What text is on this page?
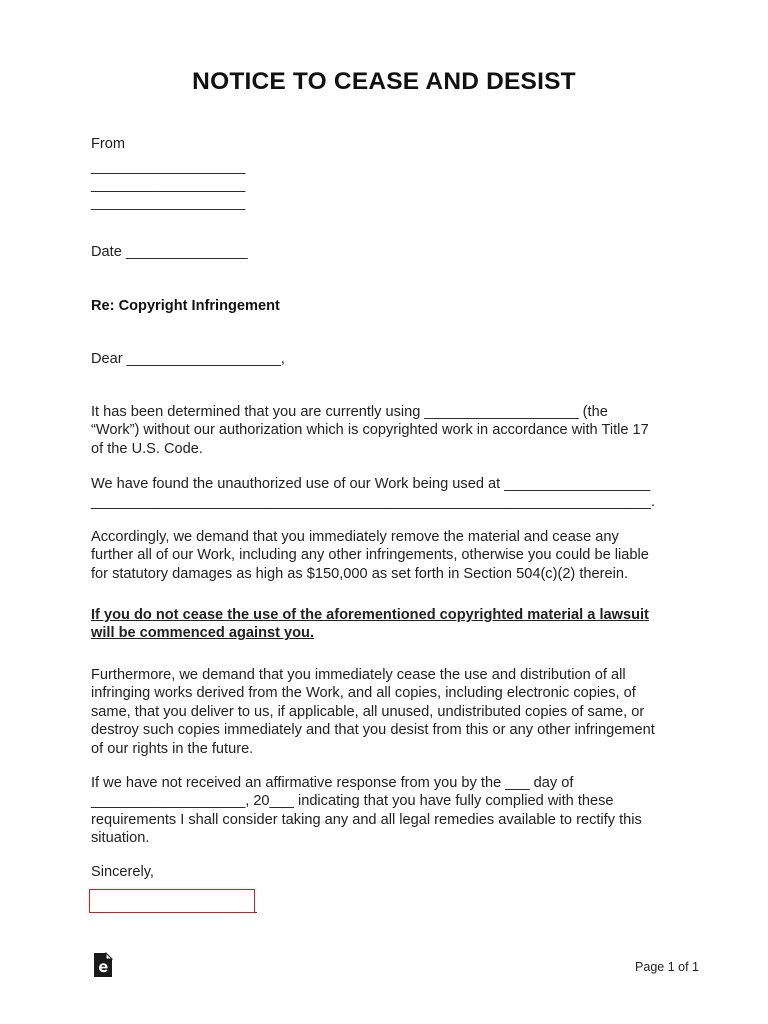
NOTICE TO CEASE AND DESIST
From
___________________
___________________
___________________
Date _______________
Re: Copyright Infringement
Dear ___________________,
It has been determined that you are currently using ___________________ (the
“Work”) without our authorization which is copyrighted work in accordance with Title 17
of the U.S. Code.
We have found the unauthorized use of our Work being used at __________________
_____________________________________________________________________.
Accordingly, we demand that you immediately remove the material and cease any
further all of our Work, including any other infringements, otherwise you could be liable
for statutory damages as high as $150,000 as set forth in Section 504(c)(2) therein.
If you do not cease the use of the aforementioned copyrighted material a lawsuit
will be commenced against you.
Furthermore, we demand that you immediately cease the use and distribution of all
infringing works derived from the Work, and all copies, including electronic copies, of
same, that you deliver to us, if applicable, all unused, undistributed copies of same, or
destroy such copies immediately and that you desist from this or any other infringement
of our rights in the future.
If we have not received an affirmative response from you by the ___ day of
___________________, 20___ indicating that you have fully complied with these
requirements I shall consider taking any and all legal remedies available to rectify this
situation.
Sincerely,
Page 1 of 1
